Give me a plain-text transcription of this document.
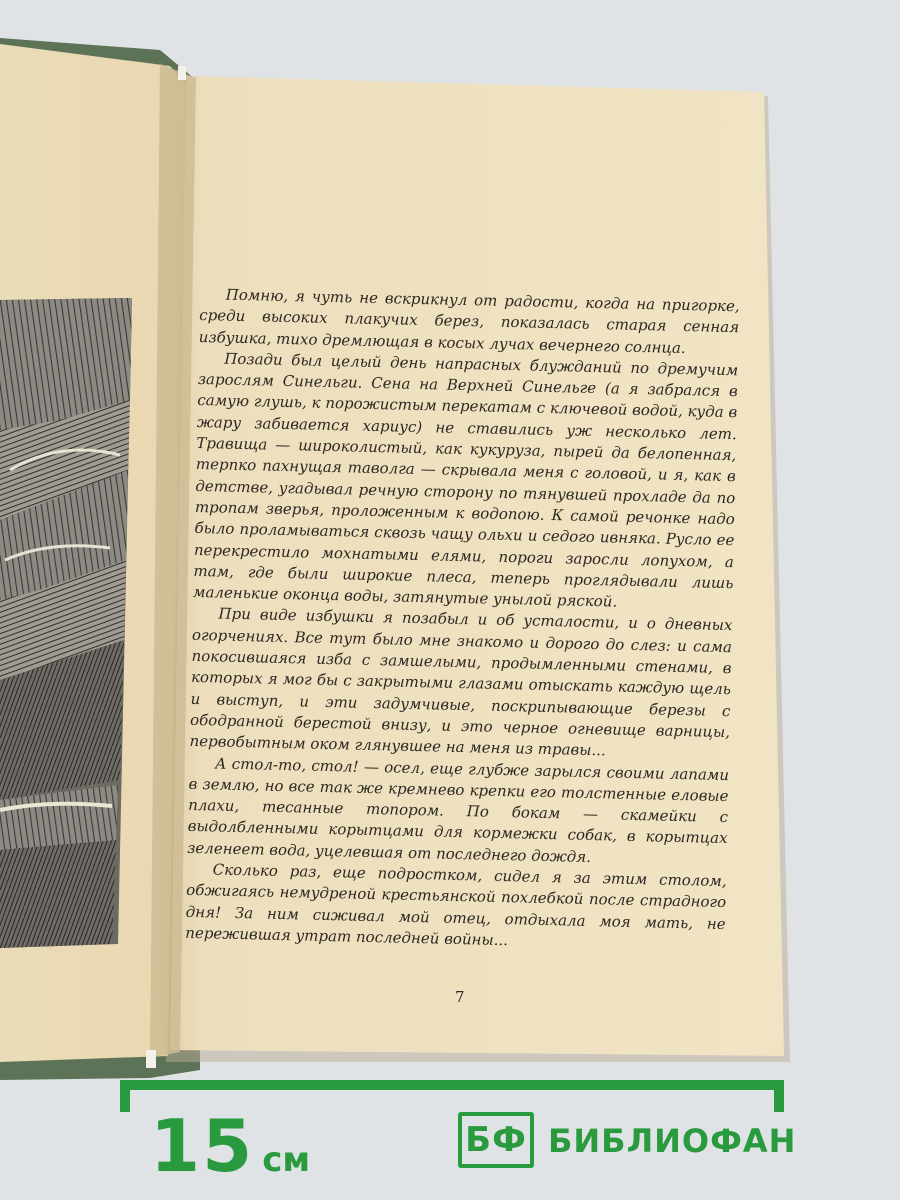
Помню, я чуть не вскрикнул от радости, когда на пригорке, среди высоких плакучих берез, показалась старая сенная избушка, тихо дремлющая в косых лучах вечернего солнца.

Позади был целый день напрасных блужданий по дремучим зарослям Синельги. Сена на Верхней Синельге (а я забрался в самую глушь, к порожистым перекатам с ключевой водой, куда в жару забивается хариус) не ставились уж несколько лет. Травища — широколистый, как кукуруза, пырей да белопенная, терпко пахнущая таволга — скрывала меня с головой, и я, как в детстве, угадывал речную сторону по тянувшей прохладе да по тропам зверья, проложенным к водопою. К самой речонке надо было проламываться сквозь чащу ольхи и седого ивняка. Русло ее перекрестило мохнатыми елями, пороги заросли лопухом, а там, где были широкие плеса, теперь проглядывали лишь маленькие оконца воды, затянутые унылой ряской.

При виде избушки я позабыл и об усталости, и о дневных огорчениях. Все тут было мне знакомо и дорого до слез: и сама покосившаяся изба с замшелыми, продымленными стенами, в которых я мог бы с закрытыми глазами отыскать каждую щель и выступ, и эти задумчивые, поскрипывающие березы с ободранной берестой внизу, и это черное огневище варницы, первобытным оком глянувшее на меня из травы...

А стол-то, стол! — осел, еще глубже зарылся своими лапами в землю, но все так же кремнево крепки его толстенные еловые плахи, тесанные топором. По бокам — скамейки с выдолбленными корытцами для кормежки собак, в корытцах зеленеет вода, уцелевшая от последнего дождя.

Сколько раз, еще подростком, сидел я за этим столом, обжигаясь немудреной крестьянской похлебкой после страдного дня! За ним сиживал мой отец, отдыхала моя мать, не пережившая утрат последней войны...

7
15 см	БФ БИБЛИОФАН
